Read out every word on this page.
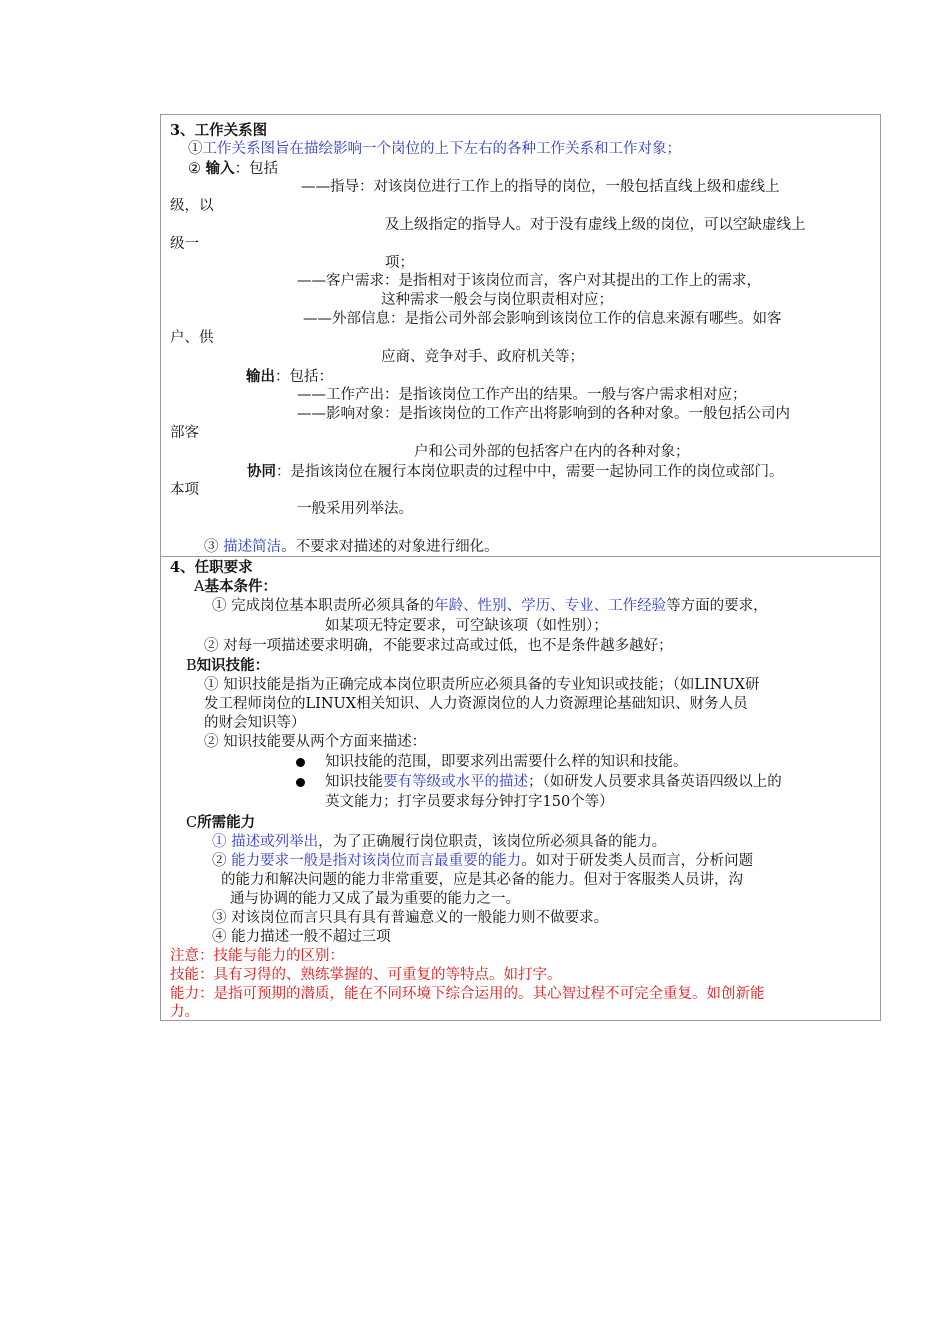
3、工作关系图
①工作关系图旨在描绘影响一个岗位的上下左右的各种工作关系和工作对象；
② 输入：包括
——指导：对该岗位进行工作上的指导的岗位，一般包括直线上级和虚线上
级，以
及上级指定的指导人。对于没有虚线上级的岗位，可以空缺虚线上
级一
项；
——客户需求：是指相对于该岗位而言，客户对其提出的工作上的需求，
这种需求一般会与岗位职责相对应；
——外部信息：是指公司外部会影响到该岗位工作的信息来源有哪些。如客
户、供
应商、竞争对手、政府机关等；
输出：包括：
——工作产出：是指该岗位工作产出的结果。一般与客户需求相对应；
——影响对象：是指该岗位的工作产出将影响到的各种对象。一般包括公司内
部客
户和公司外部的包括客户在内的各种对象；
协同：是指该岗位在履行本岗位职责的过程中中，需要一起协同工作的岗位或部门。
本项
一般采用列举法。
③ 描述简洁。不要求对描述的对象进行细化。
4、任职要求
A基本条件：
① 完成岗位基本职责所必须具备的年龄、性别、学历、专业、工作经验等方面的要求，
如某项无特定要求，可空缺该项（如性别）；
② 对每一项描述要求明确，不能要求过高或过低，也不是条件越多越好；
B知识技能：
① 知识技能是指为正确完成本岗位职责所应必须具备的专业知识或技能；（如LINUX研
发工程师岗位的LINUX相关知识、人力资源岗位的人力资源理论基础知识、财务人员
的财会知识等）
② 知识技能要从两个方面来描述：
知识技能的范围，即要求列出需要什么样的知识和技能。
知识技能要有等级或水平的描述；（如研发人员要求具备英语四级以上的
英文能力；打字员要求每分钟打字150个等）
C所需能力
① 描述或列举出，为了正确履行岗位职责，该岗位所必须具备的能力。
② 能力要求一般是指对该岗位而言最重要的能力。如对于研发类人员而言，分析问题
的能力和解决问题的能力非常重要，应是其必备的能力。但对于客服类人员讲，沟
通与协调的能力又成了最为重要的能力之一。
③ 对该岗位而言只具有具有普遍意义的一般能力则不做要求。
④ 能力描述一般不超过三项
注意：技能与能力的区别：
技能：具有习得的、熟练掌握的、可重复的等特点。如打字。
能力：是指可预期的潜质，能在不同环境下综合运用的。其心智过程不可完全重复。如创新能
力。
